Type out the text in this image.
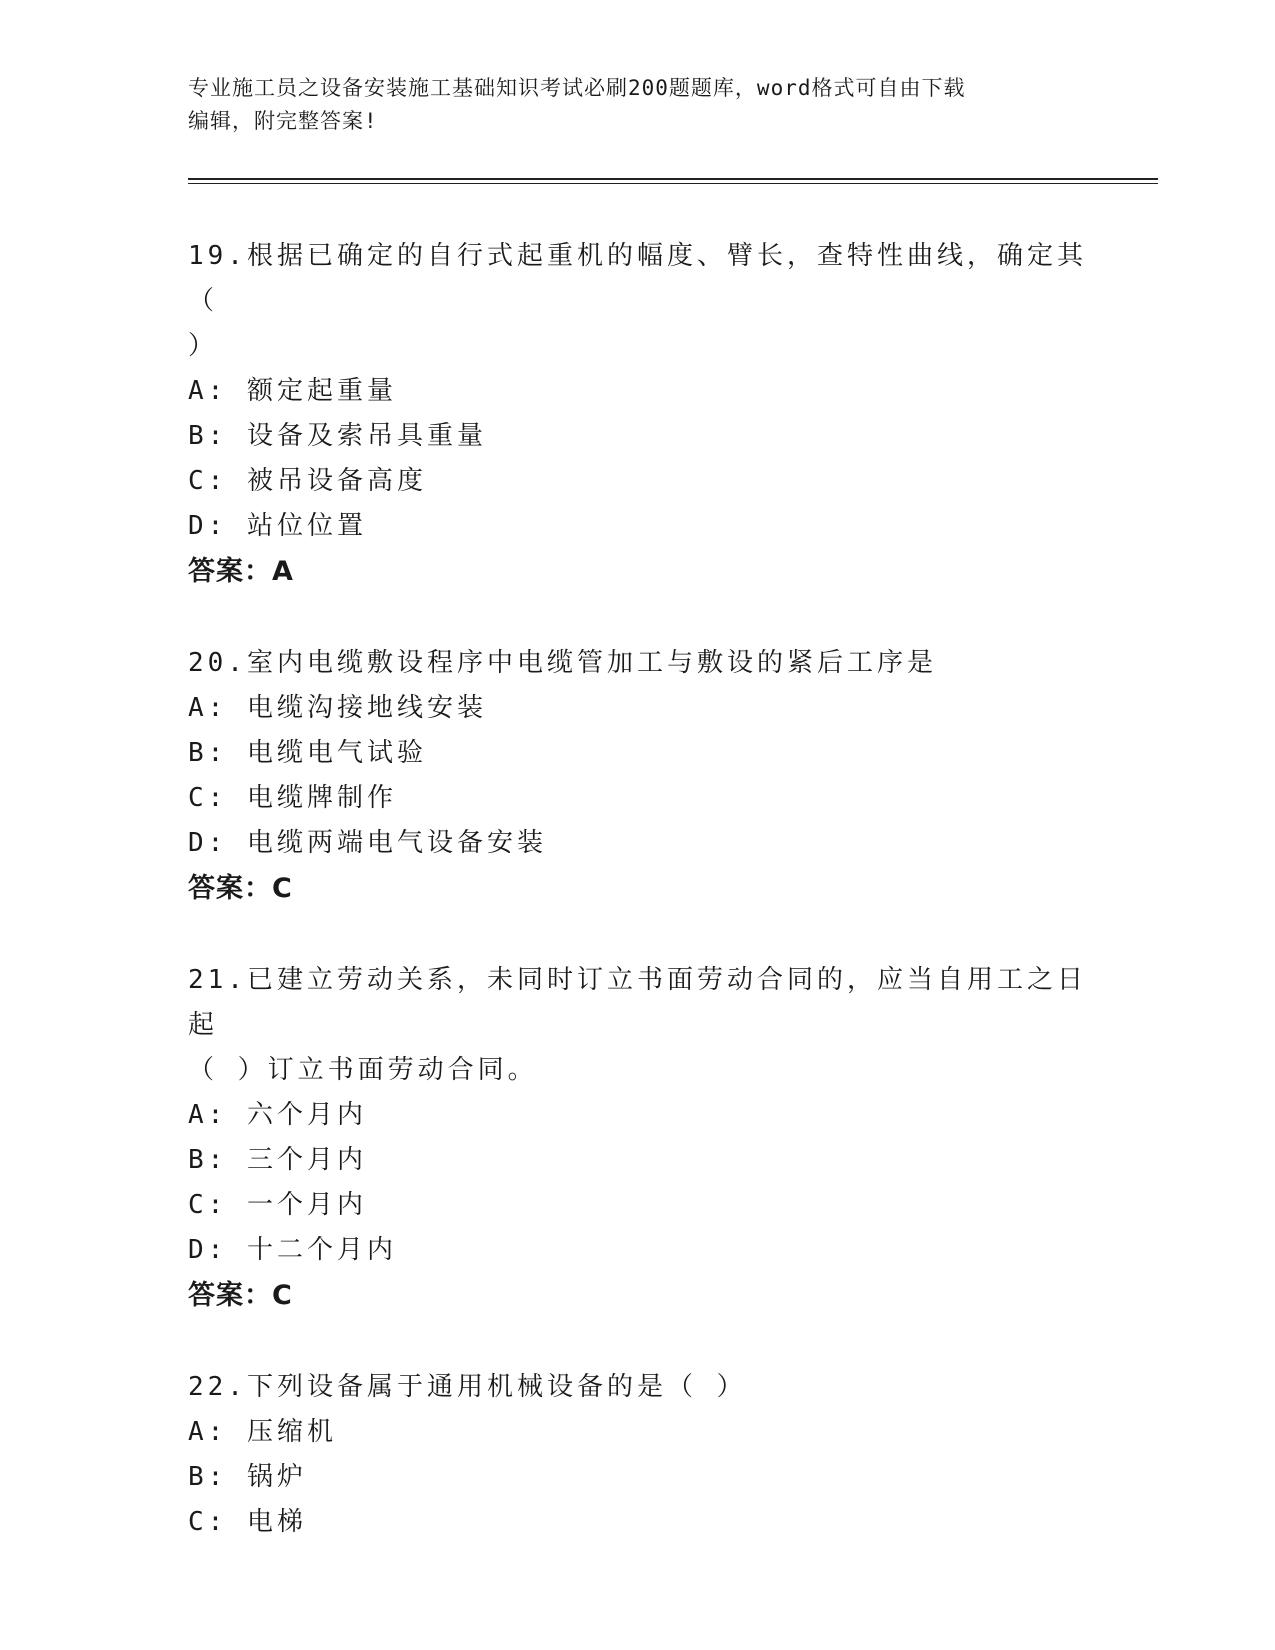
专业施工员之设备安装施工基础知识考试必刷200题题库，word格式可自由下载
编辑，附完整答案!
19.根据已确定的自行式起重机的幅度、臂长，查特性曲线，确定其（
）
A: 额定起重量
B: 设备及索吊具重量
C: 被吊设备高度
D: 站位位置
答案：A
20.室内电缆敷设程序中电缆管加工与敷设的紧后工序是
A: 电缆沟接地线安装
B: 电缆电气试验
C: 电缆牌制作
D: 电缆两端电气设备安装
答案：C
21.已建立劳动关系，未同时订立书面劳动合同的，应当自用工之日起
（ ）订立书面劳动合同。
A: 六个月内
B: 三个月内
C: 一个月内
D: 十二个月内
答案：C
22.下列设备属于通用机械设备的是（ ）
A: 压缩机
B: 锅炉
C: 电梯
